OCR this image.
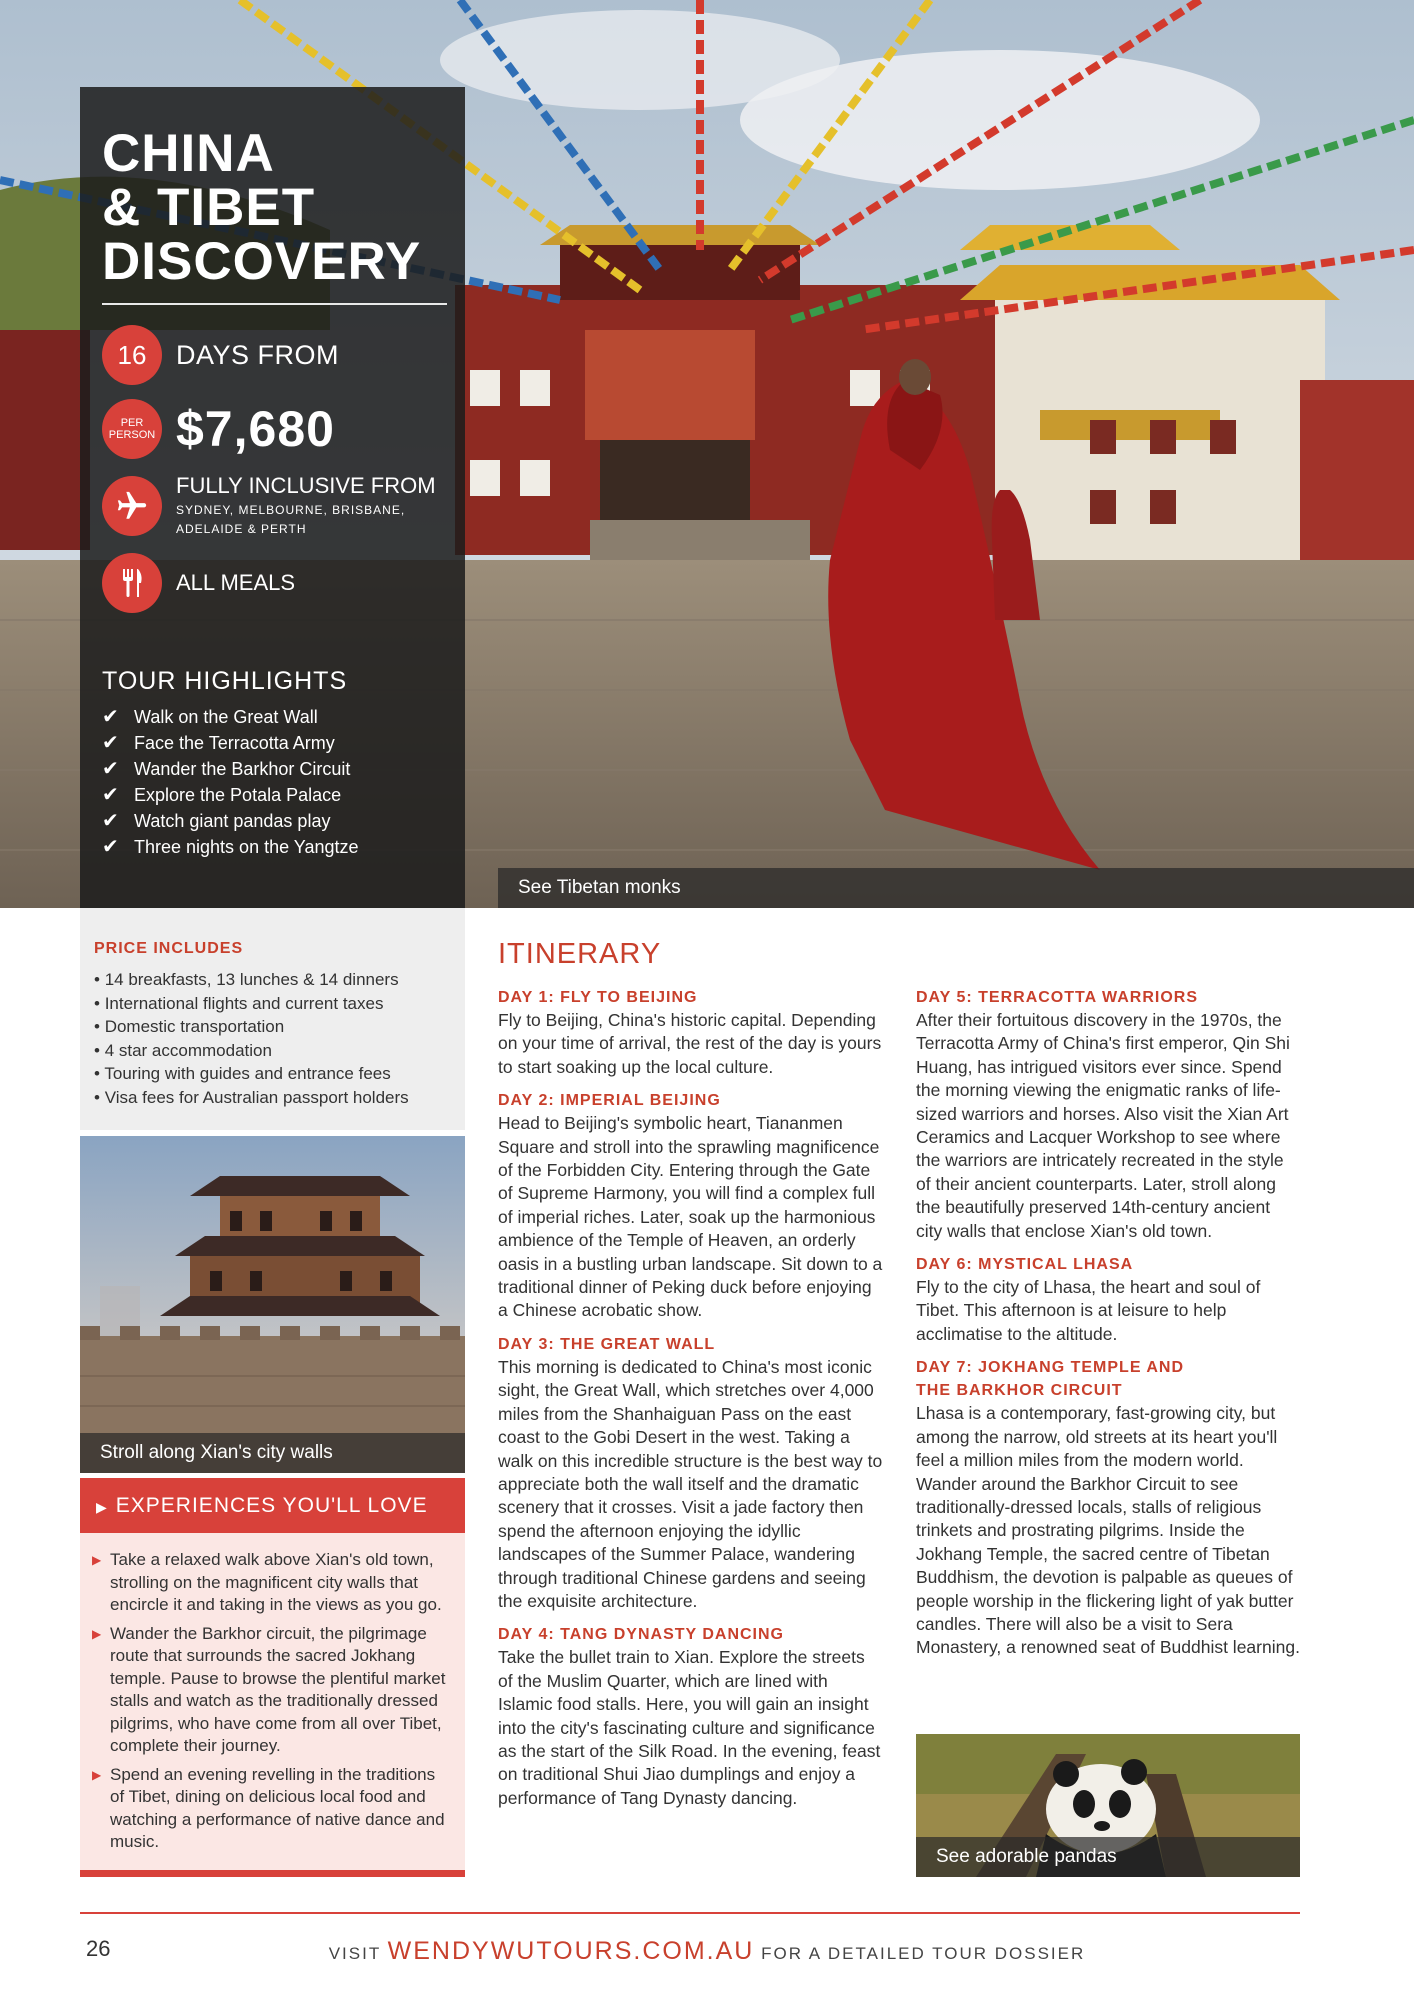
See Tibetan monks
CHINA
& TIBET
DISCOVERY
16	DAYS FROM
PER PERSON $7,680
FULLY INCLUSIVE FROM
SYDNEY, MELBOURNE, BRISBANE,
ADELAIDE & PERTH
ALL MEALS
TOUR HIGHLIGHTS
✔ Walk on the Great Wall
✔ Face the Terracotta Army
✔ Wander the Barkhor Circuit
✔ Explore the Potala Palace
✔ Watch giant pandas play
✔ Three nights on the Yangtze
PRICE INCLUDES
• 14 breakfasts, 13 lunches & 14 dinners
• International flights and current taxes
• Domestic transportation
• 4 star accommodation
• Touring with guides and entrance fees
• Visa fees for Australian passport holders
Stroll along Xian's city walls
▶ EXPERIENCES YOU'LL LOVE
▶ Take a relaxed walk above Xian's old town, strolling on the magnificent city walls that encircle it and taking in the views as you go.
▶ Wander the Barkhor circuit, the pilgrimage route that surrounds the sacred Jokhang temple. Pause to browse the plentiful market stalls and watch as the traditionally dressed pilgrims, who have come from all over Tibet, complete their journey.
▶ Spend an evening revelling in the traditions of Tibet, dining on delicious local food and watching a performance of native dance and music.
ITINERARY
DAY 1: FLY TO BEIJING
Fly to Beijing, China's historic capital. Depending on your time of arrival, the rest of the day is yours to start soaking up the local culture.
DAY 2: IMPERIAL BEIJING
Head to Beijing's symbolic heart, Tiananmen Square and stroll into the sprawling magnificence of the Forbidden City. Entering through the Gate of Supreme Harmony, you will find a complex full of imperial riches. Later, soak up the harmonious ambience of the Temple of Heaven, an orderly oasis in a bustling urban landscape. Sit down to a traditional dinner of Peking duck before enjoying a Chinese acrobatic show.
DAY 3: THE GREAT WALL
This morning is dedicated to China's most iconic sight, the Great Wall, which stretches over 4,000 miles from the Shanhaiguan Pass on the east coast to the Gobi Desert in the west. Taking a walk on this incredible structure is the best way to appreciate both the wall itself and the dramatic scenery that it crosses. Visit a jade factory then spend the afternoon enjoying the idyllic landscapes of the Summer Palace, wandering through traditional Chinese gardens and seeing the exquisite architecture.
DAY 4: TANG DYNASTY DANCING
Take the bullet train to Xian. Explore the streets of the Muslim Quarter, which are lined with Islamic food stalls. Here, you will gain an insight into the city's fascinating culture and significance as the start of the Silk Road. In the evening, feast on traditional Shui Jiao dumplings and enjoy a performance of Tang Dynasty dancing.
DAY 5: TERRACOTTA WARRIORS
After their fortuitous discovery in the 1970s, the Terracotta Army of China's first emperor, Qin Shi Huang, has intrigued visitors ever since. Spend the morning viewing the enigmatic ranks of life-sized warriors and horses. Also visit the Xian Art Ceramics and Lacquer Workshop to see where the warriors are intricately recreated in the style of their ancient counterparts. Later, stroll along the beautifully preserved 14th-century ancient city walls that enclose Xian's old town.
DAY 6: MYSTICAL LHASA
Fly to the city of Lhasa, the heart and soul of Tibet. This afternoon is at leisure to help acclimatise to the altitude.
DAY 7: JOKHANG TEMPLE AND THE BARKHOR CIRCUIT
Lhasa is a contemporary, fast-growing city, but among the narrow, old streets at its heart you'll feel a million miles from the modern world. Wander around the Barkhor Circuit to see traditionally-dressed locals, stalls of religious trinkets and prostrating pilgrims. Inside the Jokhang Temple, the sacred centre of Tibetan Buddhism, the devotion is palpable as queues of people worship in the flickering light of yak butter candles. There will also be a visit to Sera Monastery, a renowned seat of Buddhist learning.
See adorable pandas
26	VISIT WENDYWUTOURS.COM.AU FOR A DETAILED TOUR DOSSIER
